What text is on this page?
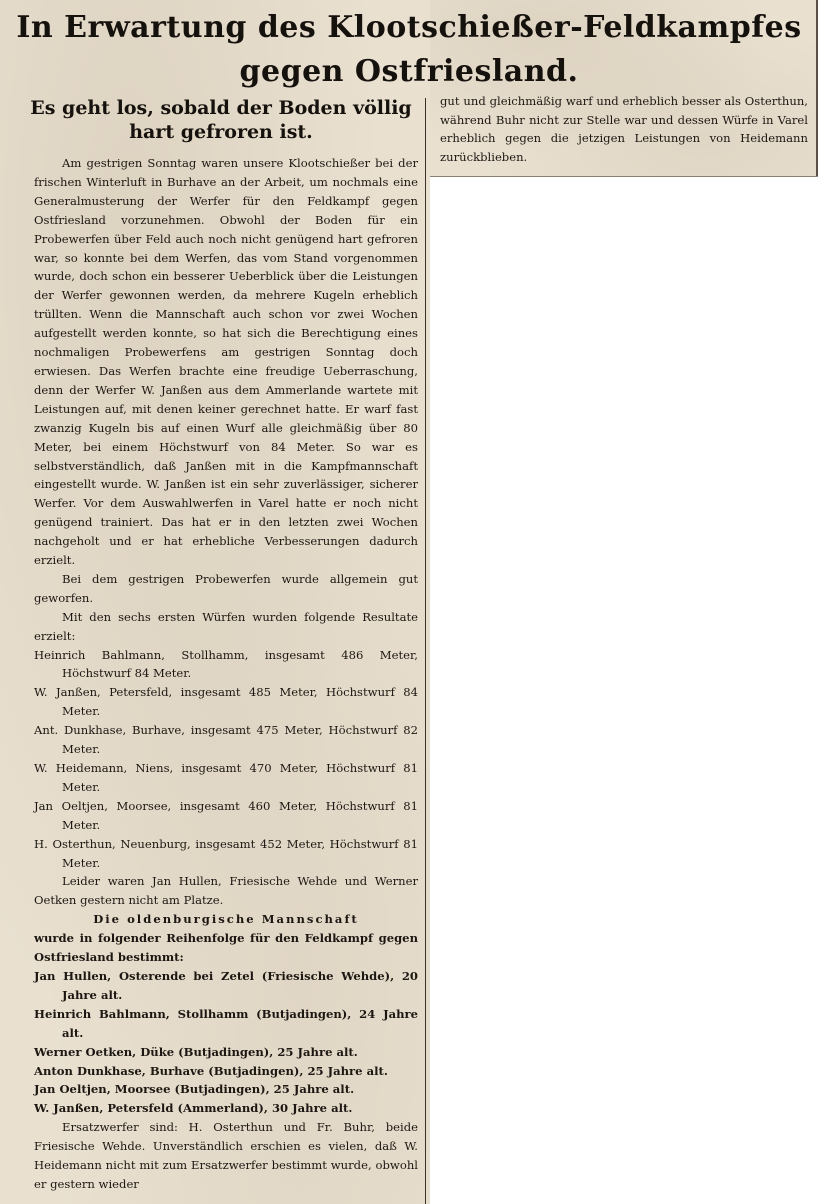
In Erwartung des Klootschießer-Feldkampfes
gegen Ostfriesland.
Es geht los, sobald der Boden völlig hart gefroren ist.

Am gestrigen Sonntag waren unsere Klootschießer bei der frischen Winterluft in Burhave an der Arbeit, um nochmals eine Generalmusterung der Werfer für den Feldkampf gegen Ostfriesland vorzunehmen. Obwohl der Boden für ein Probewerfen über Feld auch noch nicht genügend hart gefroren war, so konnte bei dem Werfen, das vom Stand vorgenommen wurde, doch schon ein besserer Ueberblick über die Leistungen der Werfer gewonnen werden, da mehrere Kugeln erheblich trüllten. Wenn die Mannschaft auch schon vor zwei Wochen aufgestellt werden konnte, so hat sich die Berechtigung eines nochmaligen Probewerfens am gestrigen Sonntag doch erwiesen. Das Werfen brachte eine freudige Ueberraschung, denn der Werfer W. Janßen aus dem Ammerlande wartete mit Leistungen auf, mit denen keiner gerechnet hatte. Er warf fast zwanzig Kugeln bis auf einen Wurf alle gleichmäßig über 80 Meter, bei einem Höchstwurf von 84 Meter. So war es selbstverständlich, daß Janßen mit in die Kampfmannschaft eingestellt wurde. W. Janßen ist ein sehr zuverlässiger, sicherer Werfer. Vor dem Auswahlwerfen in Varel hatte er noch nicht genügend trainiert. Das hat er in den letzten zwei Wochen nachgeholt und er hat erhebliche Verbesserungen dadurch erzielt.

Bei dem gestrigen Probewerfen wurde allgemein gut geworfen.

Mit den sechs ersten Würfen wurden folgende Resultate erzielt:

Heinrich Bahlmann, Stollhamm, insgesamt 486 Meter, Höchstwurf 84 Meter.

W. Janßen, Petersfeld, insgesamt 485 Meter, Höchstwurf 84 Meter.

Ant. Dunkhase, Burhave, insgesamt 475 Meter, Höchstwurf 82 Meter.

W. Heidemann, Niens, insgesamt 470 Meter, Höchstwurf 81 Meter.

Jan Oeltjen, Moorsee, insgesamt 460 Meter, Höchstwurf 81 Meter.

H. Osterthun, Neuenburg, insgesamt 452 Meter, Höchstwurf 81 Meter.

Leider waren Jan Hullen, Friesische Wehde und Werner Oetken gestern nicht am Platze.

Die oldenburgische Mannschaft

wurde in folgender Reihenfolge für den Feldkampf gegen Ostfriesland bestimmt:

Jan Hullen, Osterende bei Zetel (Friesische Wehde), 20 Jahre alt.

Heinrich Bahlmann, Stollhamm (Butjadingen), 24 Jahre alt.

Werner Oetken, Düke (Butjadingen), 25 Jahre alt.

Anton Dunkhase, Burhave (Butjadingen), 25 Jahre alt.

Jan Oeltjen, Moorsee (Butjadingen), 25 Jahre alt.

W. Janßen, Petersfeld (Ammerland), 30 Jahre alt.

Ersatzwerfer sind: H. Osterthun und Fr. Buhr, beide Friesische Wehde. Unverständlich erschien es vielen, daß W. Heidemann nicht mit zum Ersatzwerfer bestimmt wurde, obwohl er gestern wieder

gut und gleichmäßig warf und erheblich besser als Osterthun, während Buhr nicht zur Stelle war und dessen Würfe in Varel erheblich gegen die jetzigen Leistungen von Heidemann zurückblieben.
